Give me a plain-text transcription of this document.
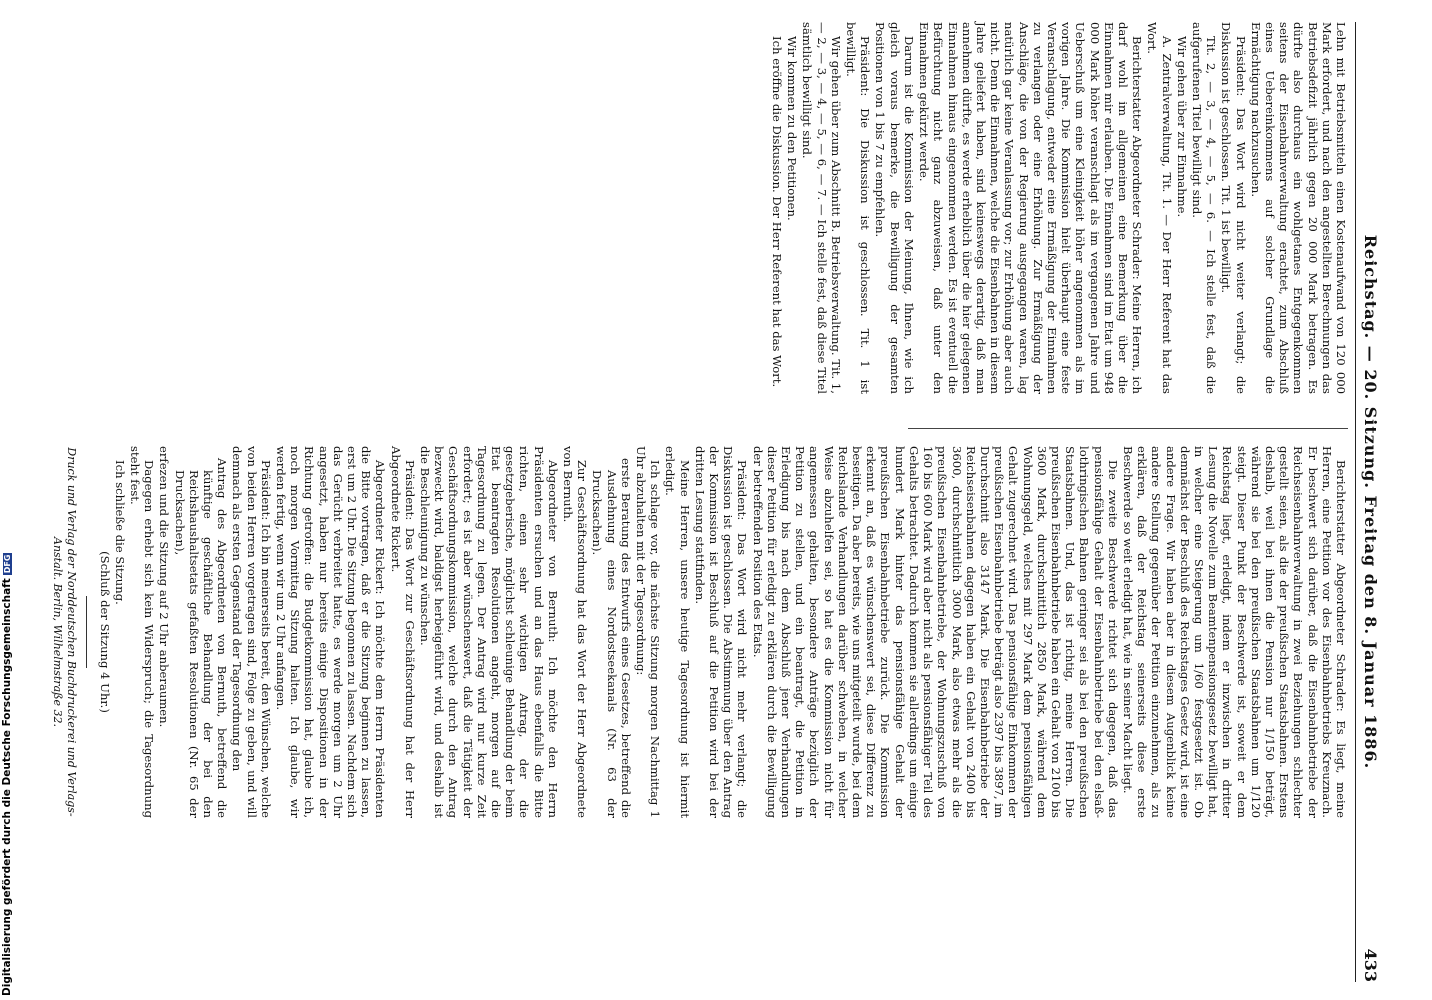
Reichstag. — 20. Sitzung. Freitag den 8. Januar 1886.
433

Lehn mit Betriebsmitteln einen Kostenaufwand von 120 000 Mark erfordert, und nach den angestellten Berechnungen das Betriebsdefizit jährlich gegen 20 000 Mark betragen. Es dürfte also durchaus ein wohlgetanes Entgegenkommen seitens der Eisenbahnverwaltung erachtet, zum Abschluß eines Uebereinkommens auf solcher Grundlage die Ermächtigung nachzusuchen.

Präsident: Das Wort wird nicht weiter verlangt; die Diskussion ist geschlossen. Tit. 1 ist bewilligt.

Tit. 2, — 3, — 4, — 5, — 6. — Ich stelle fest, daß die aufgerufenen Titel bewilligt sind.

Wir gehen über zur Einnahme.

A. Zentralverwaltung, Tit. 1. — Der Herr Referent hat das Wort.

Berichterstatter Abgeordneter Schrader: Meine Herren, ich darf wohl im allgemeinen eine Bemerkung über die Einnahmen mir erlauben. Die Einnahmen sind im Etat um 948 000 Mark höher veranschlagt als im vergangenen Jahre und Ueberschuß um eine Kleinigkeit höher angenommen als im vorigen Jahre. Die Kommission hielt überhaupt eine feste Veranschlagung, entweder eine Ermäßigung der Einnahmen zu verlangen oder eine Erhöhung. Zur Ermäßigung der Anschläge, die von der Regierung ausgegangen waren, lag natürlich gar keine Veranlassung vor; zur Erhöhung aber auch nicht. Denn die Einnahmen, welche die Eisenbahnen in diesem Jahre geliefert haben, sind keineswegs derartig, daß man annehmen dürfte, es werde erheblich über die hier gelegenen Einnahmen hinaus eingenommen werden. Es ist eventuell die Befürchtung nicht ganz abzuweisen, daß unter den Einnahmen gekürzt werde.

Darum ist die Kommission der Meinung, Ihnen, wie ich gleich voraus bemerke, die Bewilligung der gesamten Positionen von 1 bis 7 zu empfehlen.

Präsident: Die Diskussion ist geschlossen. Tit. 1 ist bewilligt.

Wir gehen über zum Abschnitt B. Betriebsverwaltung. Tit. 1, — 2, — 3, — 4, — 5, — 6, — 7. — Ich stelle fest, daß diese Titel sämtlich bewilligt sind.

Wir kommen zu den Petitionen.

Ich eröffne die Diskussion. Der Herr Referent hat das Wort.

Berichterstatter Abgeordneter Schrader: Es liegt, meine Herren, eine Petition vor des Eisenbahnbetriebs Kreuznach. Er beschwert sich darüber, daß die Eisenbahnbetriebe der Reichseisenbahnverwaltung in zwei Beziehungen schlechter gestellt seien, als die der preußischen Staatsbahnen. Erstens deshalb, weil bei ihnen die Pension nur 1/150 beträgt, während sie bei den preußischen Staatsbahnen um 1/120 steigt. Dieser Punkt der Beschwerde ist, soweit er dem Reichstag liegt, erledigt, indem er inzwischen in dritter Lesung die Novelle zum Beamtenpensionsgesetz bewilligt hat, in welcher eine Steigerung um 1/60 festgesetzt ist. Ob demnächst der Beschluß des Reichstages Gesetz wird, ist eine andere Frage. Wir haben aber in diesem Augenblick keine andere Stellung gegenüber der Petition einzunehmen, als zu erklären, daß der Reichstag seinerseits diese erste Beschwerde so weit erledigt hat, wie in seiner Macht liegt.

Die zweite Beschwerde richtet sich dagegen, daß das pensionsfähige Gehalt der Eisenbahnbetriebe bei den elsaß-lothringischen Bahnen geringer sei als bei den preußischen Staatsbahnen. Und, das ist richtig, meine Herren. Die preußischen Eisenbahnbetriebe haben ein Gehalt von 2100 bis 3600 Mark, durchschnittlich 2850 Mark, während dem Wohnungsgeld, welches mit 297 Mark dem pensionsfähigen Gehalt zugerechnet wird. Das pensionsfähige Einkommen der preußischen Eisenbahnbetriebe beträgt also 2397 bis 3897, im Durchschnitt also 3147 Mark. Die Eisenbahnbetriebe der Reichseisenbahnen dagegen haben ein Gehalt von 2400 bis 3600, durchschnittlich 3000 Mark, also etwas mehr als die preußischen Eisenbahnbetriebe, der Wohnungszuschuß von 160 bis 600 Mark wird aber nicht als pensionsfähiger Teil des Gehalts betrachtet. Dadurch kommen sie allerdings um einige hundert Mark hinter das pensionsfähige Gehalt der preußischen Eisenbahnbetriebe zurück. Die Kommission erkennt an, daß es wünschenswert sei, diese Differenz zu beseitigen. Da aber bereits, wie uns mitgeteilt wurde, bei dem Reichslande Verhandlungen darüber schweben, in welcher Weise abzuhelfen sei, so hat es die Kommission nicht für angemessen gehalten, besondere Anträge bezüglich der Petition zu stellen, und ein beantragt, die Petition in Erledigung bis nach dem Abschluß jener Verhandlungen dieser Petition für erledigt zu erklären durch die Bewilligung der betreffenden Position des Etats.

Präsident: Das Wort wird nicht mehr verlangt; die Diskussion ist geschlossen. Die Abstimmung über den Antrag der Kommission ist Beschluß auf die Petition wird bei der dritten Lesung stattfinden.

Meine Herren, unsere heutige Tagesordnung ist hiermit erledigt.

Ich schlage vor, die nächste Sitzung morgen Nachmittag 1 Uhr abzuhalten mit der Tagesordnung:

erste Beratung des Entwurfs eines Gesetzes, betreffend die Ausdehnung eines Nordostseekanals (Nr. 63 der Drucksachen).

Zur Geschäftsordnung hat das Wort der Herr Abgeordnete von Bernuth.

Abgeordneter von Bernuth: Ich möchte den Herrn Präsidenten ersuchen und an das Haus ebenfalls die Bitte richten, einen sehr wichtigen Antrag, der die gesetzgeberische, möglichst schleunige Behandlung der beim Etat beantragten Resolutionen angeht, morgen auf die Tagesordnung zu legen. Der Antrag wird nur kurze Zeit erfordert; es ist aber wünschenswert, daß die Tätigkeit der Geschäftsordnungskommission, welche durch den Antrag bezweckt wird, baldigst herbeigeführt wird, und deshalb ist die Beschleunigung zu wünschen.

Präsident: Das Wort zur Geschäftsordnung hat der Herr Abgeordnete Rickert.

Abgeordneter Rickert: Ich möchte dem Herrn Präsidenten die Bitte vortragen, daß er die Sitzung beginnen zu lassen, erst um 2 Uhr. Die Sitzung begonnen zu lassen. Nachdem sich das Gerücht verbreitet hatte, es werde morgen um 2 Uhr angesetzt, haben nur bereits einige Dispositionen in der Richtung getroffen: die Budgetkommission hat, glaube ich, noch morgen Vormittag Sitzung halten. Ich glaube, wir werden fertig, wenn wir um 2 Uhr anfangen.

Präsident: Ich bin meinerseits bereit, den Wünschen, welche von beiden Herren vorgetragen sind, Folge zu geben, und will demnach als ersten Gegenstand der Tagesordnung den

Antrag des Abgeordneten von Bernuth, betreffend die künftige geschäftliche Behandlung der bei den Reichshaushaltsetats gefaßten Resolutionen (Nr. 65 der Drucksachen),

erfezen und die Sitzung auf 2 Uhr anberaumen.

Dagegen erhebt sich kein Widerspruch; die Tagesordnung steht fest.

Ich schließe die Sitzung.

(Schluß der Sitzung 4 Uhr.)

Druck und Verlag der Norddeutschen Buchdruckerei und Verlags-Anstalt. Berlin, Wilhelmstraße 32.
Digitalisierung gefördert durch die Deutsche ForschungsgemeinschaftDFG
